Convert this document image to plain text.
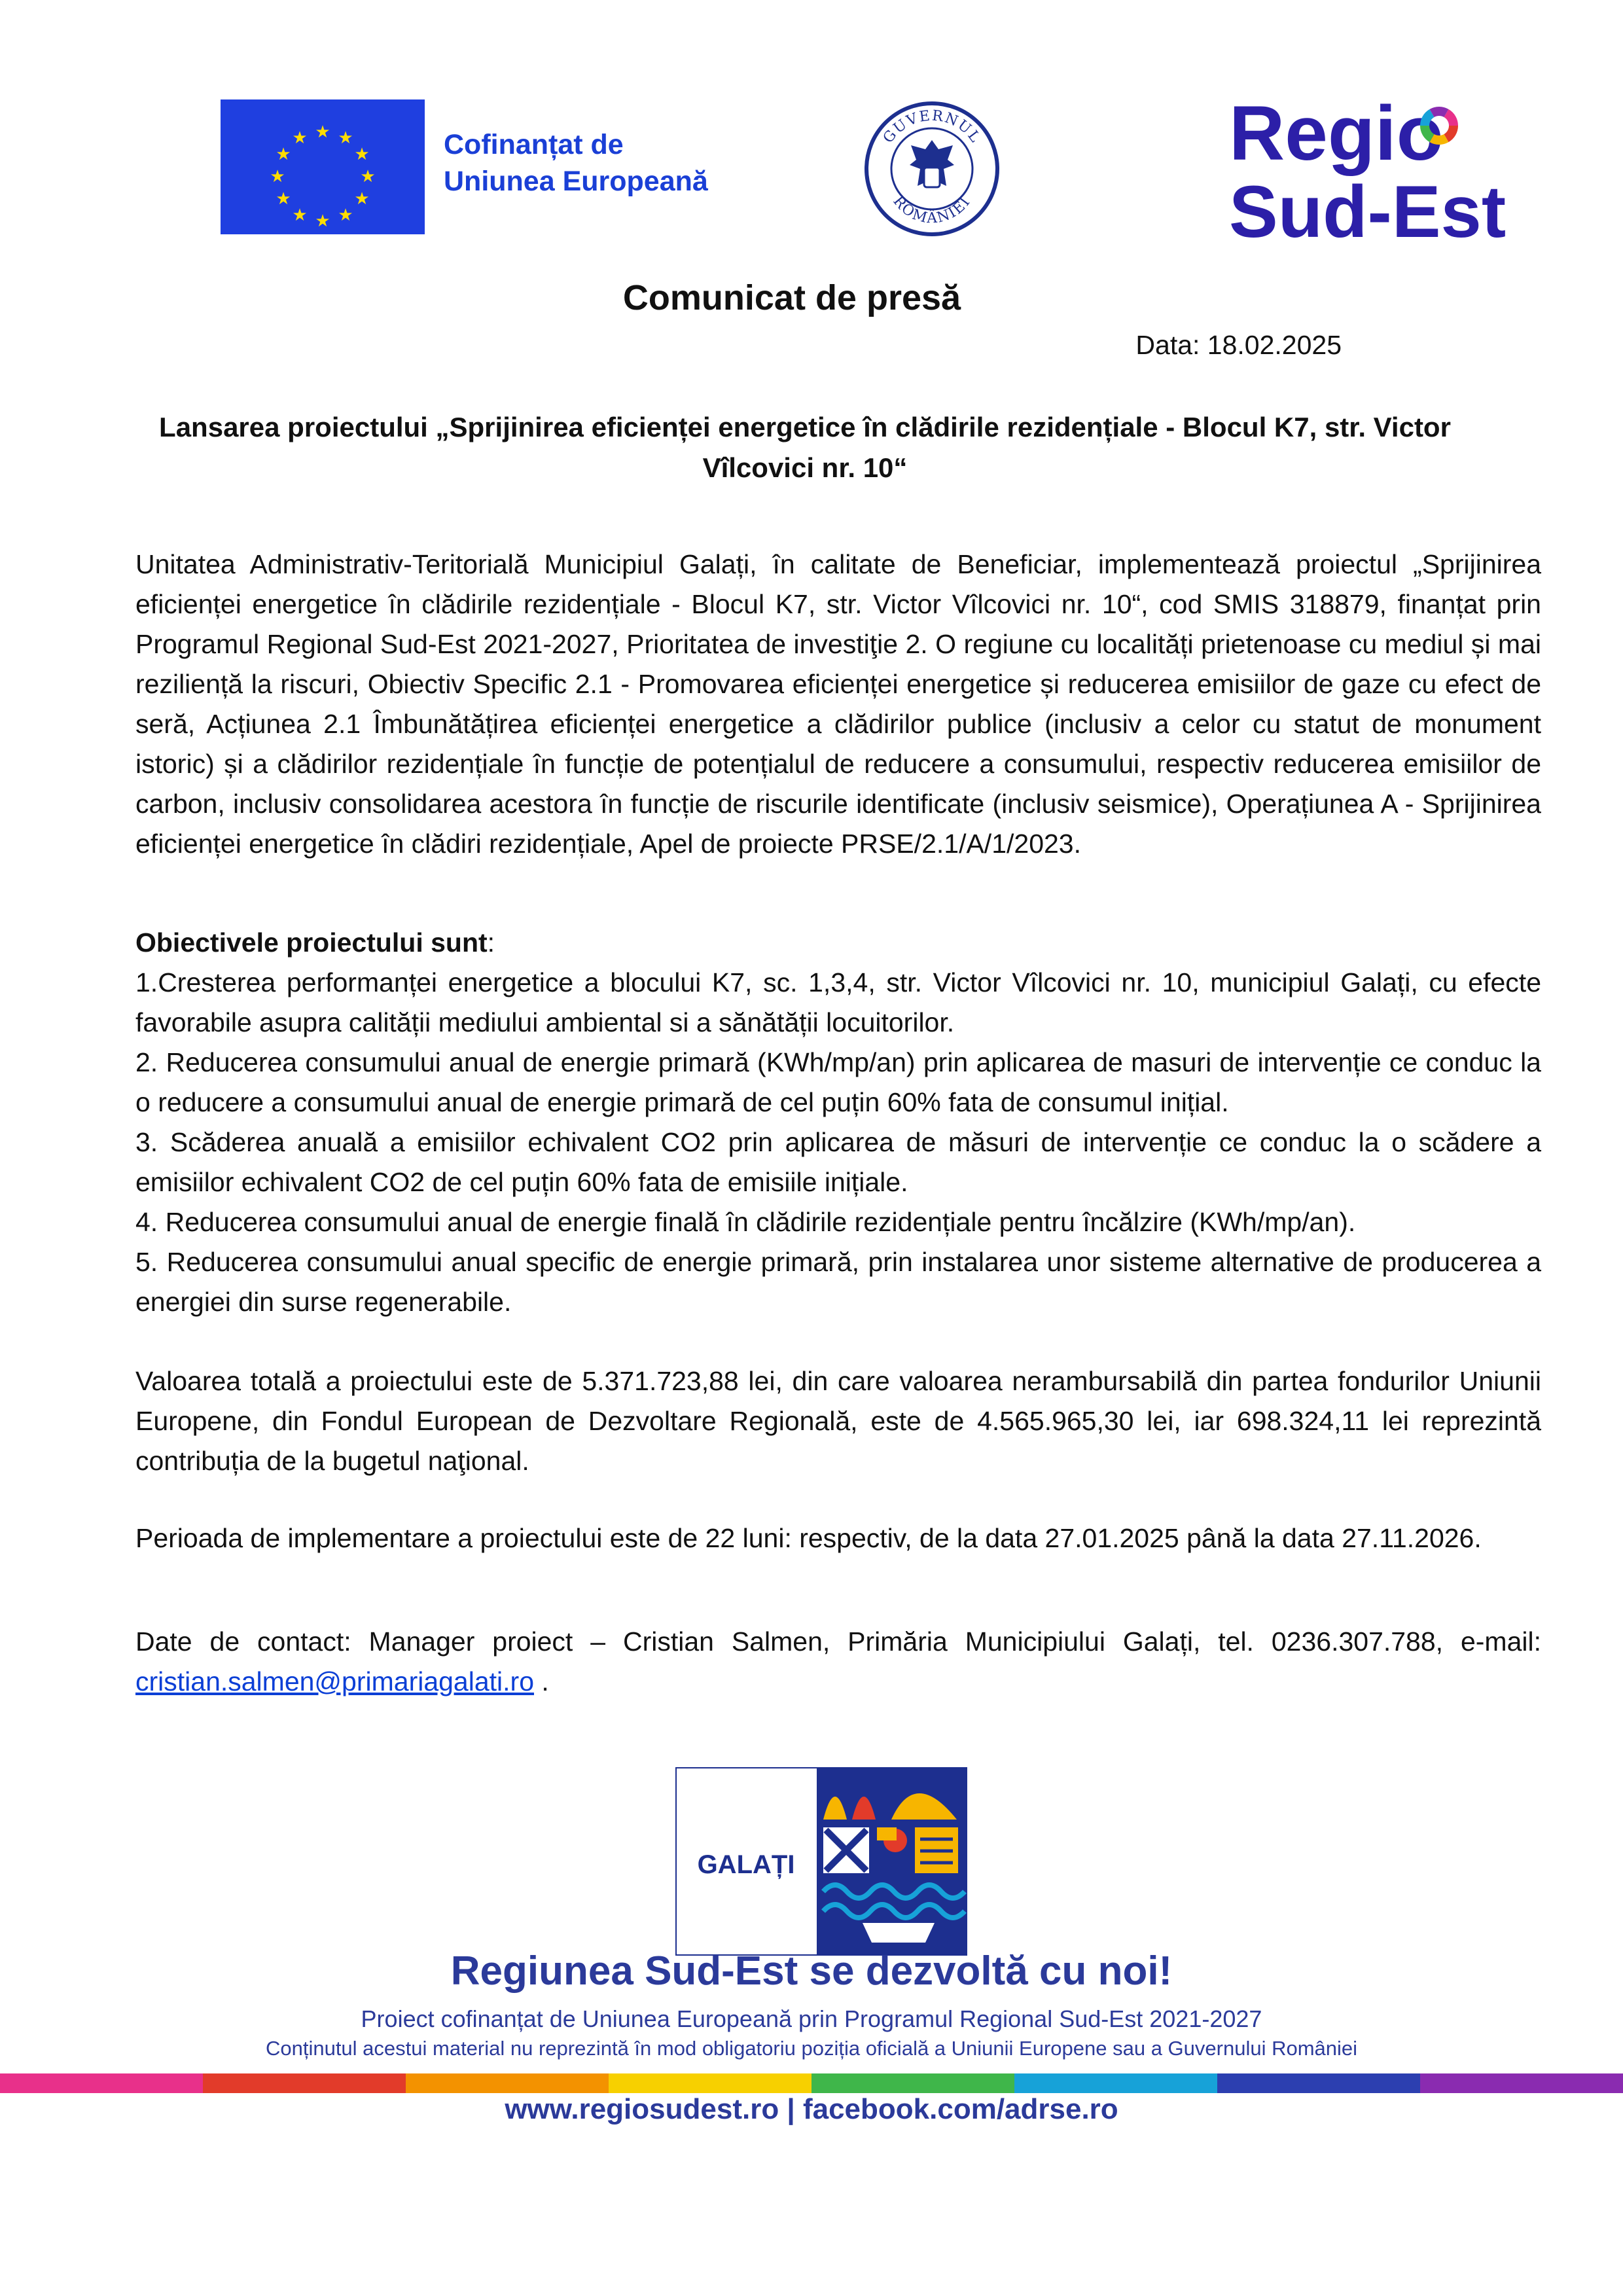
★ ★
★
★
★
★
★
★
★
★
★
★	Cofinanțat de
Uniunea Europeană
GUVERNUL
ROMÂNIEI
Regio
Sud-Est
Comunicat de presă
Data: 18.02.2025
Lansarea proiectului „Sprijinirea eficienței energetice în clădirile rezidențiale - Blocul K7, str. Victor Vîlcovici nr. 10“

Unitatea Administrativ-Teritorială Municipiul Galați, în calitate de Beneficiar, implementează proiectul „Sprijinirea eficienței energetice în clădirile rezidențiale - Blocul K7, str. Victor Vîlcovici nr. 10“, cod SMIS 318879, finanțat prin Programul Regional Sud-Est 2021-2027, Prioritatea de investiţie 2. O regiune cu localități prietenoase cu mediul și mai reziliență la riscuri, Obiectiv Specific 2.1 - Promovarea eficienței energetice și reducerea emisiilor de gaze cu efect de seră, Acțiunea 2.1 Îmbunătățirea eficienței energetice a clădirilor publice (inclusiv a celor cu statut de monument istoric) și a clădirilor rezidențiale în funcție de potențialul de reducere a consumului, respectiv reducerea emisiilor de carbon, inclusiv consolidarea acestora în funcție de riscurile identificate (inclusiv seismice), Operațiunea A - Sprijinirea eficienței energetice în clădiri rezidențiale, Apel de proiecte PRSE/2.1/A/1/2023.

Obiectivele proiectului sunt:

1.Cresterea performanței energetice a blocului K7, sc. 1,3,4, str. Victor Vîlcovici nr. 10, municipiul Galați, cu efecte favorabile asupra calității mediului ambiental si a sănătății locuitorilor.

2. Reducerea consumului anual de energie primară (KWh/mp/an) prin aplicarea de masuri de intervenție ce conduc la o reducere a consumului anual de energie primară de cel puțin 60% fata de consumul inițial.

3. Scăderea anuală a emisiilor echivalent CO2 prin aplicarea de măsuri de intervenție ce conduc la o scădere a emisiilor echivalent CO2 de cel puțin 60% fata de emisiile inițiale.

4. Reducerea consumului anual de energie finală în clădirile rezidențiale pentru încălzire (KWh/mp/an).

5. Reducerea consumului anual specific de energie primară, prin instalarea unor sisteme alternative de producerea a energiei din surse regenerabile.

Valoarea totală a proiectului este de 5.371.723,88 lei, din care valoarea nerambursabilă din partea fondurilor Uniunii Europene, din Fondul European de Dezvoltare Regională, este de 4.565.965,30 lei, iar 698.324,11 lei reprezintă contribuția de la bugetul naţional.

Perioada de implementare a proiectului este de 22 luni: respectiv, de la data 27.01.2025 până la data 27.11.2026.

Date de contact: Manager proiect – Cristian Salmen, Primăria Municipiului Galați, tel. 0236.307.788, e-mail: cristian.salmen@primariagalati.ro .

GALAȚI
Regiunea Sud-Est se dezvoltă cu noi!
Proiect cofinanțat de Uniunea Europeană prin Programul Regional Sud-Est 2021-2027
Conținutul acestui material nu reprezintă în mod obligatoriu poziția oficială a Uniunii Europene sau a Guvernului României
www.regiosudest.ro | facebook.com/adrse.ro
